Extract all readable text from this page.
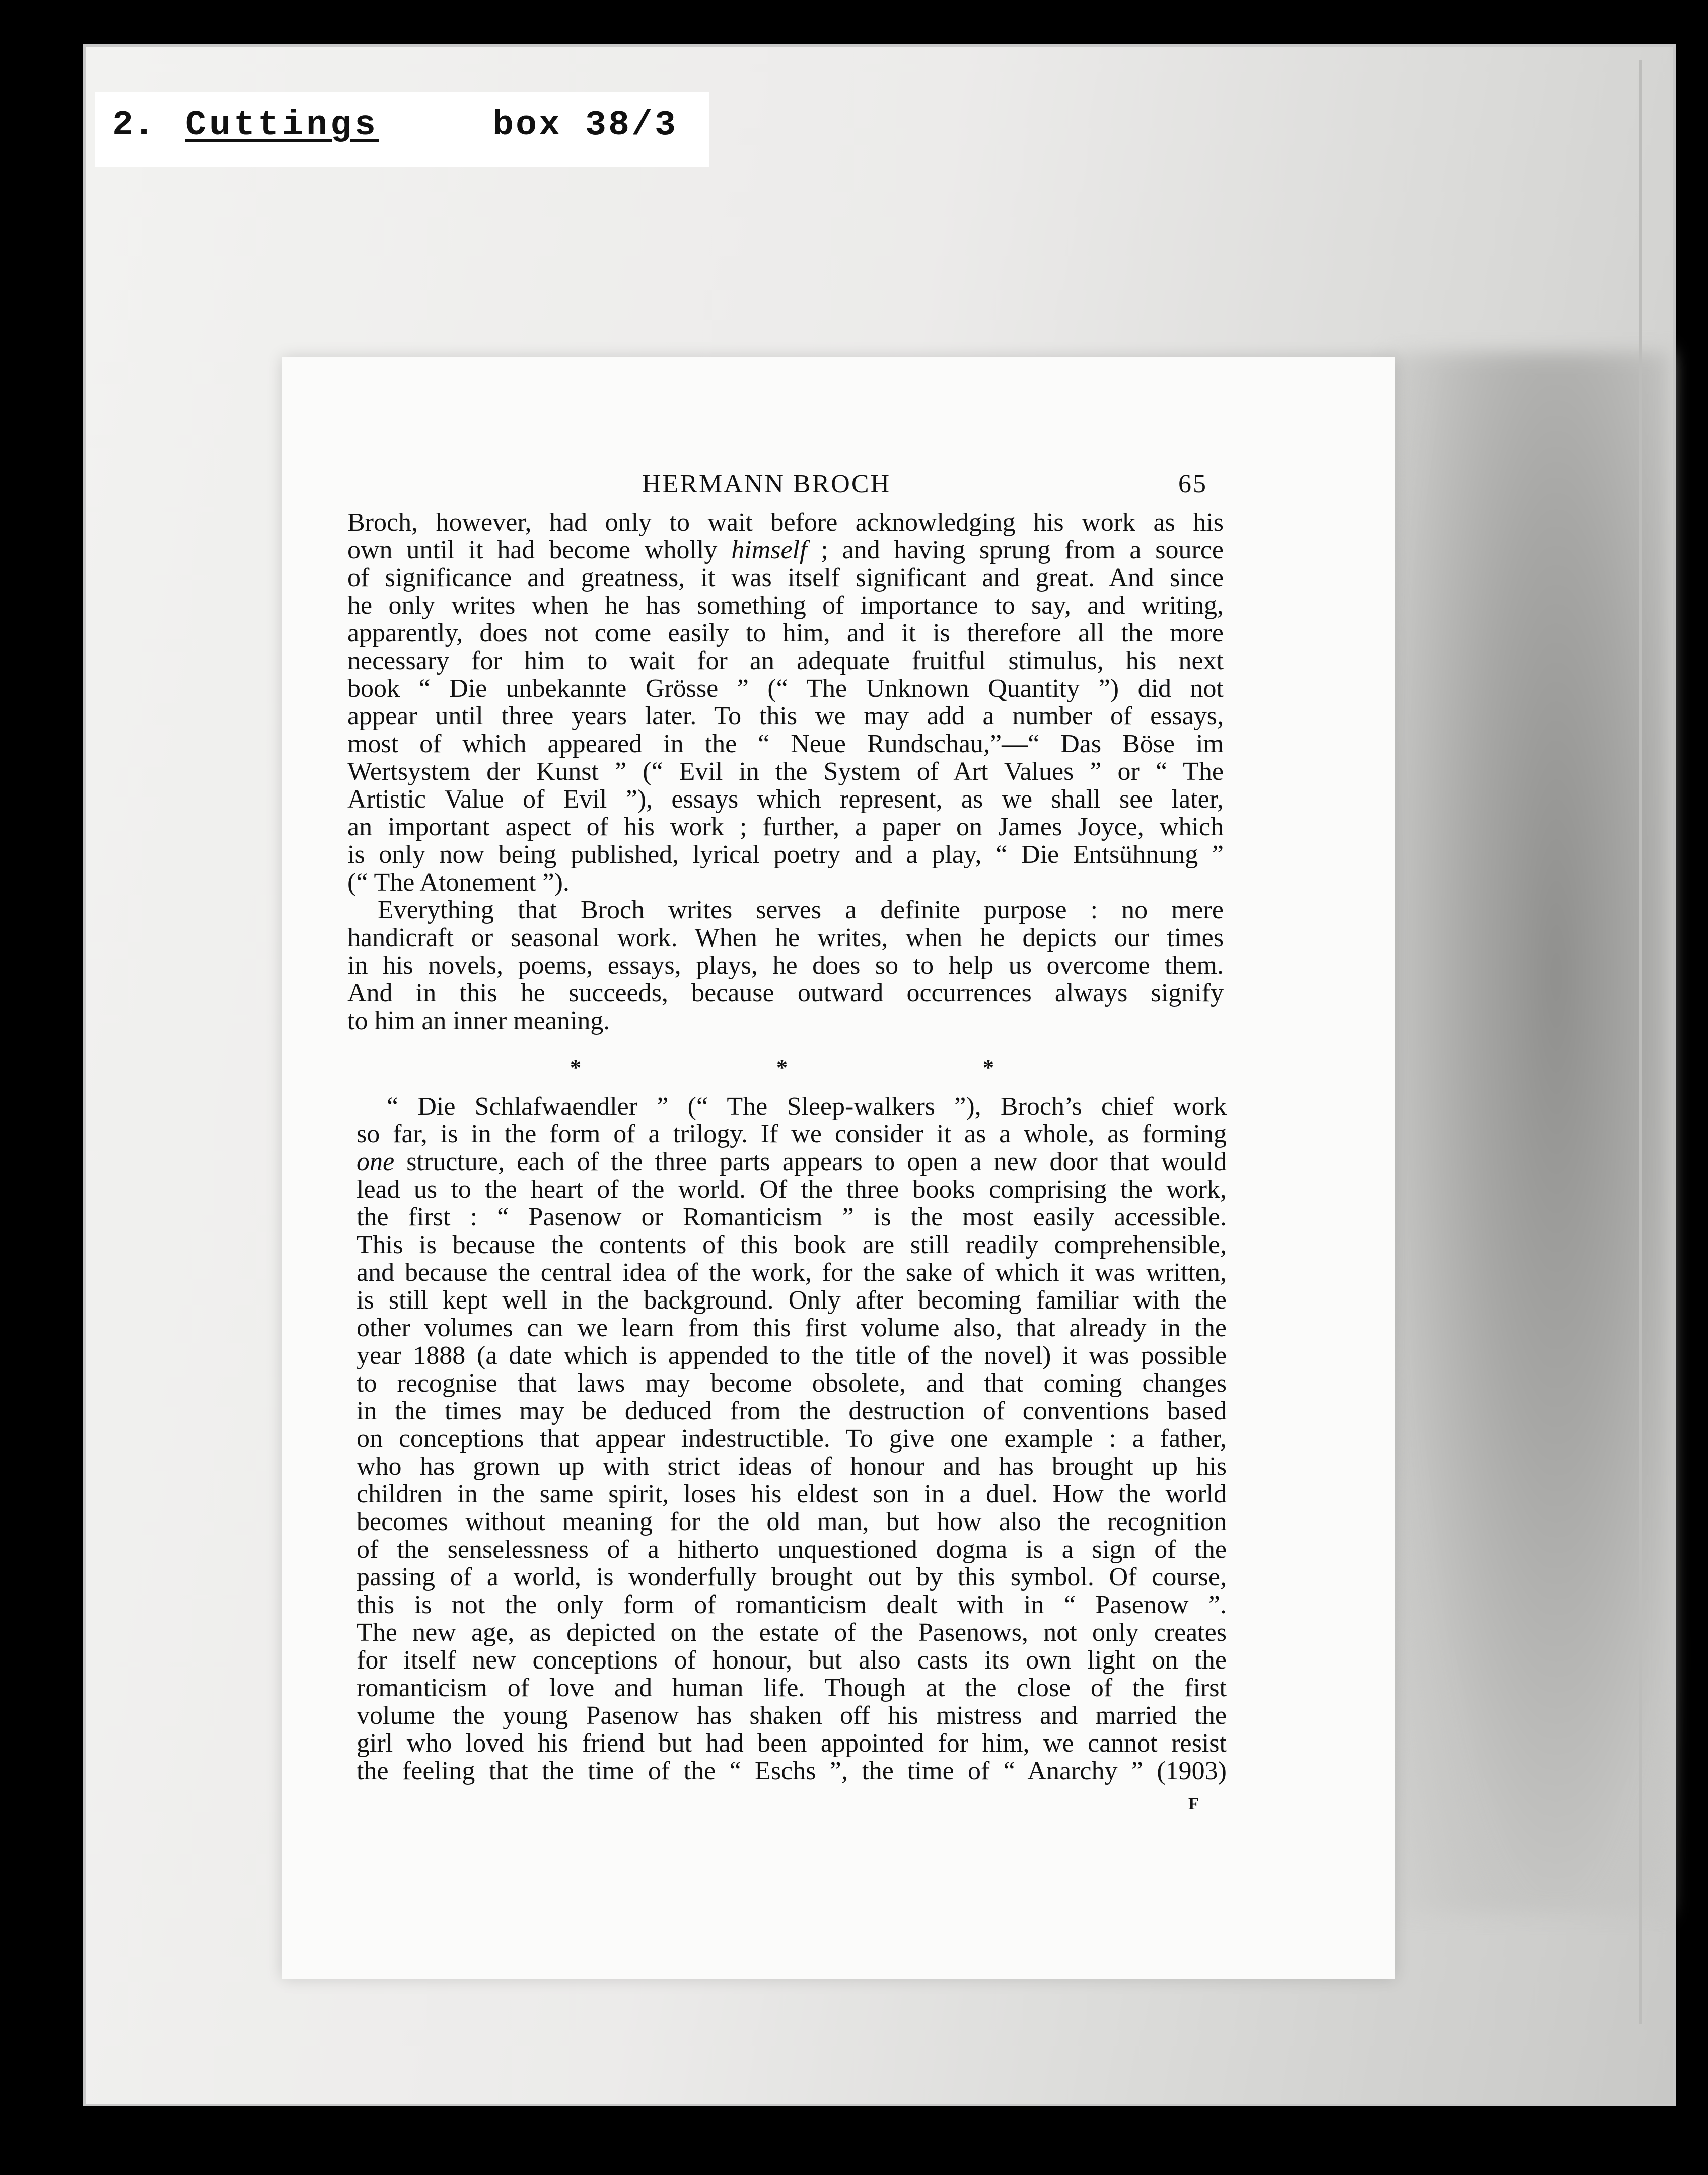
2. Cuttings	box 38/3
HERMANN BROCH	65
Broch, however, had only to wait before acknowledging his work as his
own until it had become wholly himself ; and having sprung from a source
of significance and greatness, it was itself significant and great. And since
he only writes when he has something of importance to say, and writing,
apparently, does not come easily to him, and it is therefore all the more
necessary for him to wait for an adequate fruitful stimulus, his next
book “ Die unbekannte Grösse ” (“ The Unknown Quantity ”) did not
appear until three years later. To this we may add a number of essays,
most of which appeared in the “ Neue Rundschau,”—“ Das Böse im
Wertsystem der Kunst ” (“ Evil in the System of Art Values ” or “ The
Artistic Value of Evil ”), essays which represent, as we shall see later,
an important aspect of his work ; further, a paper on James Joyce, which
is only now being published, lyrical poetry and a play, “ Die Entsühnung ”
(“ The Atonement ”).
Everything that Broch writes serves a definite purpose : no mere
handicraft or seasonal work. When he writes, when he depicts our times
in his novels, poems, essays, plays, he does so to help us overcome them.
And in this he succeeds, because outward occurrences always signify
to him an inner meaning.
*	*	*
“ Die Schlafwaendler ” (“ The Sleep-walkers ”), Broch’s chief work
so far, is in the form of a trilogy. If we consider it as a whole, as forming
one structure, each of the three parts appears to open a new door that would
lead us to the heart of the world. Of the three books comprising the work,
the first : “ Pasenow or Romanticism ” is the most easily accessible.
This is because the contents of this book are still readily comprehensible,
and because the central idea of the work, for the sake of which it was written,
is still kept well in the background. Only after becoming familiar with the
other volumes can we learn from this first volume also, that already in the
year 1888 (a date which is appended to the title of the novel) it was possible
to recognise that laws may become obsolete, and that coming changes
in the times may be deduced from the destruction of conventions based
on conceptions that appear indestructible. To give one example : a father,
who has grown up with strict ideas of honour and has brought up his
children in the same spirit, loses his eldest son in a duel. How the world
becomes without meaning for the old man, but how also the recognition
of the senselessness of a hitherto unquestioned dogma is a sign of the
passing of a world, is wonderfully brought out by this symbol. Of course,
this is not the only form of romanticism dealt with in “ Pasenow ”.
The new age, as depicted on the estate of the Pasenows, not only creates
for itself new conceptions of honour, but also casts its own light on the
romanticism of love and human life. Though at the close of the first
volume the young Pasenow has shaken off his mistress and married the
girl who loved his friend but had been appointed for him, we cannot resist
the feeling that the time of the “ Eschs ”, the time of “ Anarchy ” (1903)
F
